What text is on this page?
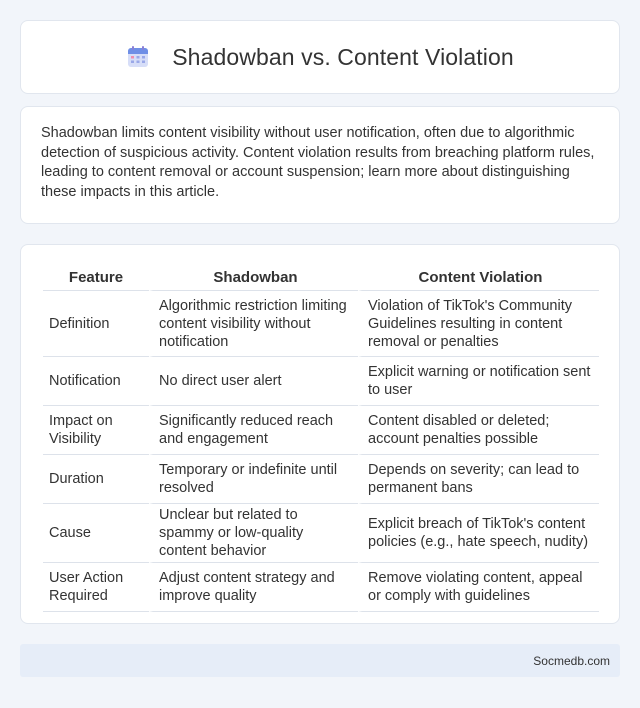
Shadowban vs. Content Violation

Shadowban limits content visibility without user notification, often due to algorithmic detection of suspicious activity. Content violation results from breaching platform rules, leading to content removal or account suspension; learn more about distinguishing these impacts in this article.

Feature	Shadowban	Content Violation
Definition	Algorithmic restriction limiting content visibility without notification	Violation of TikTok's Community Guidelines resulting in content removal or penalties
Notification	No direct user alert	Explicit warning or notification sent to user
Impact on Visibility	Significantly reduced reach and engagement	Content disabled or deleted; account penalties possible
Duration	Temporary or indefinite until resolved	Depends on severity; can lead to permanent bans
Cause	Unclear but related to spammy or low-quality content behavior	Explicit breach of TikTok's content policies (e.g., hate speech, nudity)
User Action Required	Adjust content strategy and improve quality	Remove violating content, appeal or comply with guidelines
Socmedb.com
